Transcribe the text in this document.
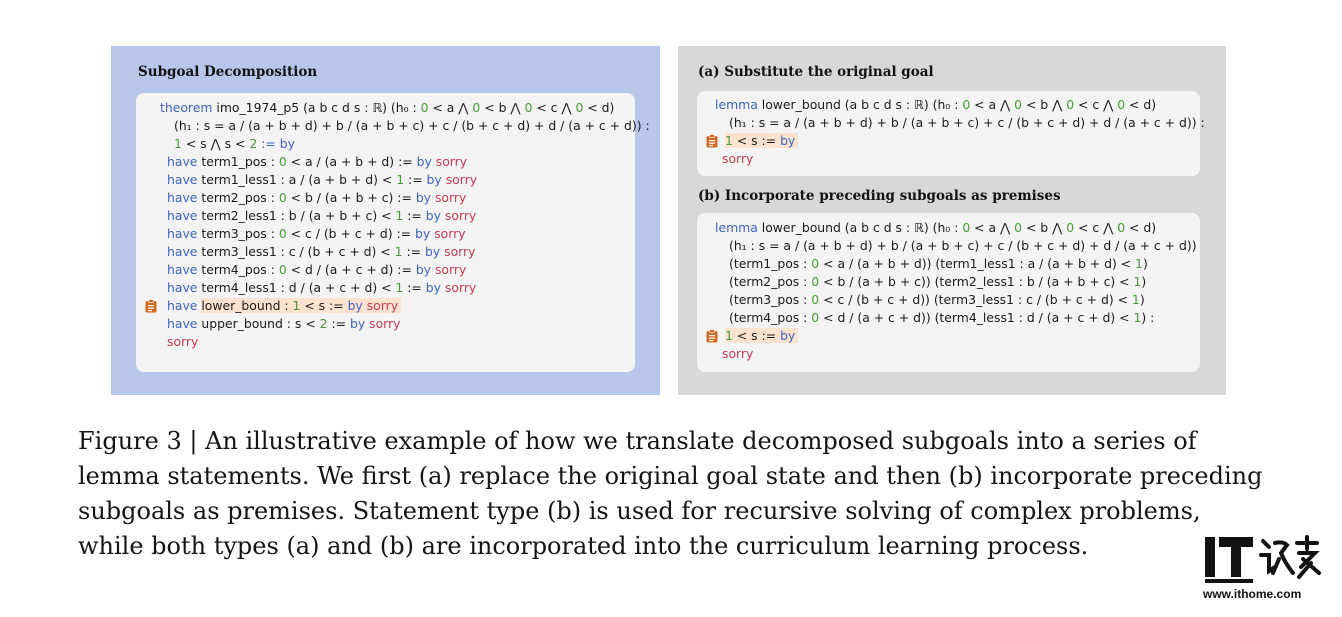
Subgoal Decomposition
theorem imo_1974_p5 (a b c d s : ℝ) (h₀ : 0 < a ⋀ 0 < b ⋀ 0 < c ⋀ 0 < d)
(h₁ : s = a / (a + b + d) + b / (a + b + c) + c / (b + c + d) + d / (a + c + d)) :
1 < s ⋀ s < 2 := by
have term1_pos : 0 < a / (a + b + d) := by sorry
have term1_less1 : a / (a + b + d) < 1 := by sorry
have term2_pos : 0 < b / (a + b + c) := by sorry
have term2_less1 : b / (a + b + c) < 1 := by sorry
have term3_pos : 0 < c / (b + c + d) := by sorry
have term3_less1 : c / (b + c + d) < 1 := by sorry
have term4_pos : 0 < d / (a + c + d) := by sorry
have term4_less1 : d / (a + c + d) < 1 := by sorry
have lower_bound : 1 < s := by sorry
have upper_bound : s < 2 := by sorry
sorry
(a) Substitute the original goal
lemma lower_bound (a b c d s : ℝ) (h₀ : 0 < a ⋀ 0 < b ⋀ 0 < c ⋀ 0 < d)
(h₁ : s = a / (a + b + d) + b / (a + b + c) + c / (b + c + d) + d / (a + c + d)) :
1 < s := by
sorry
(b) Incorporate preceding subgoals as premises
lemma lower_bound (a b c d s : ℝ) (h₀ : 0 < a ⋀ 0 < b ⋀ 0 < c ⋀ 0 < d)
(h₁ : s = a / (a + b + d) + b / (a + b + c) + c / (b + c + d) + d / (a + c + d))
(term1_pos : 0 < a / (a + b + d)) (term1_less1 : a / (a + b + d) < 1)
(term2_pos : 0 < b / (a + b + c)) (term2_less1 : b / (a + b + c) < 1)
(term3_pos : 0 < c / (b + c + d)) (term3_less1 : c / (b + c + d) < 1)
(term4_pos : 0 < d / (a + c + d)) (term4_less1 : d / (a + c + d) < 1) :
1 < s := by
sorry

Figure 3 | An illustrative example of how we translate decomposed subgoals into a series of

lemma statements. We first (a) replace the original goal state and then (b) incorporate preceding

subgoals as premises. Statement type (b) is used for recursive solving of complex problems,

while both types (a) and (b) are incorporated into the curriculum learning process.

www.ithome.com
